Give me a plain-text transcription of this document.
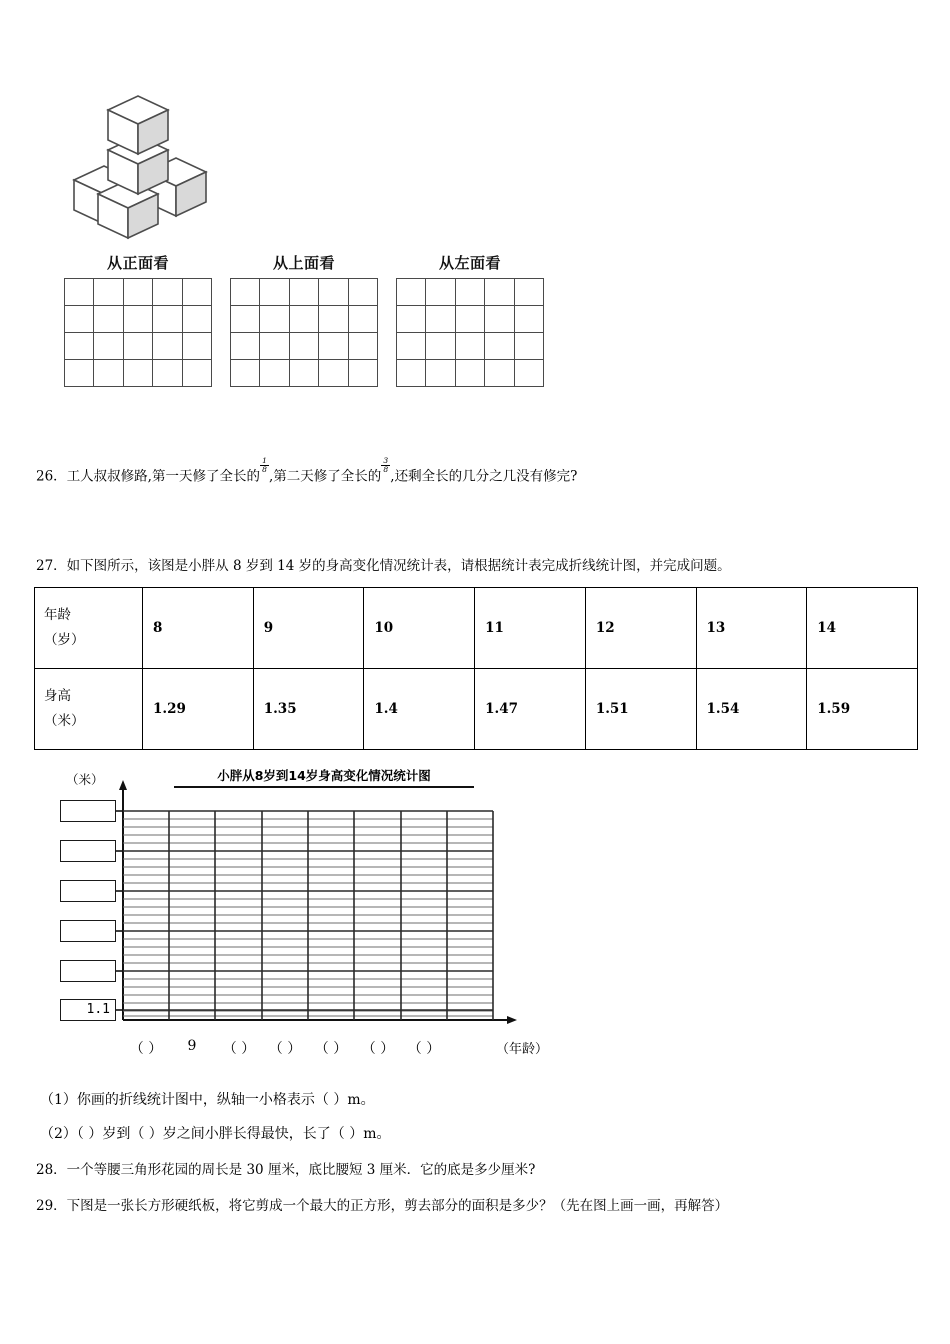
从正面看

					从上面看

					从左面看

26．工人叔叔修路,第一天修了全长的
$\frac{1}{8}$
,第二天修了全长的
$\frac{3}{8}$
,还剩全长的几分之几没有修完?
27．如下图所示，该图是小胖从 8 岁到 14 岁的身高变化情况统计表，请根据统计表完成折线统计图，并完成问题。
年龄
（岁）	8	9	10	11	12	13	14
身高
（米）	1.29	1.35	1.4	1.47	1.51	1.54	1.59
（米）	小胖从8岁到14岁身高变化情况统计图
1.1
（ ）	9	（ ） （ ） （ ）	（ ） （ ）	（年龄）
（1）你画的折线统计图中，纵轴一小格表示（ ）m。
（2）（ ）岁到（ ）岁之间小胖长得最快，长了（ ）m。
28．一个等腰三角形花园的周长是 30 厘米，底比腰短 3 厘米．它的底是多少厘米?
29．下图是一张长方形硬纸板，将它剪成一个最大的正方形，剪去部分的面积是多少？（先在图上画一画，再解答）
